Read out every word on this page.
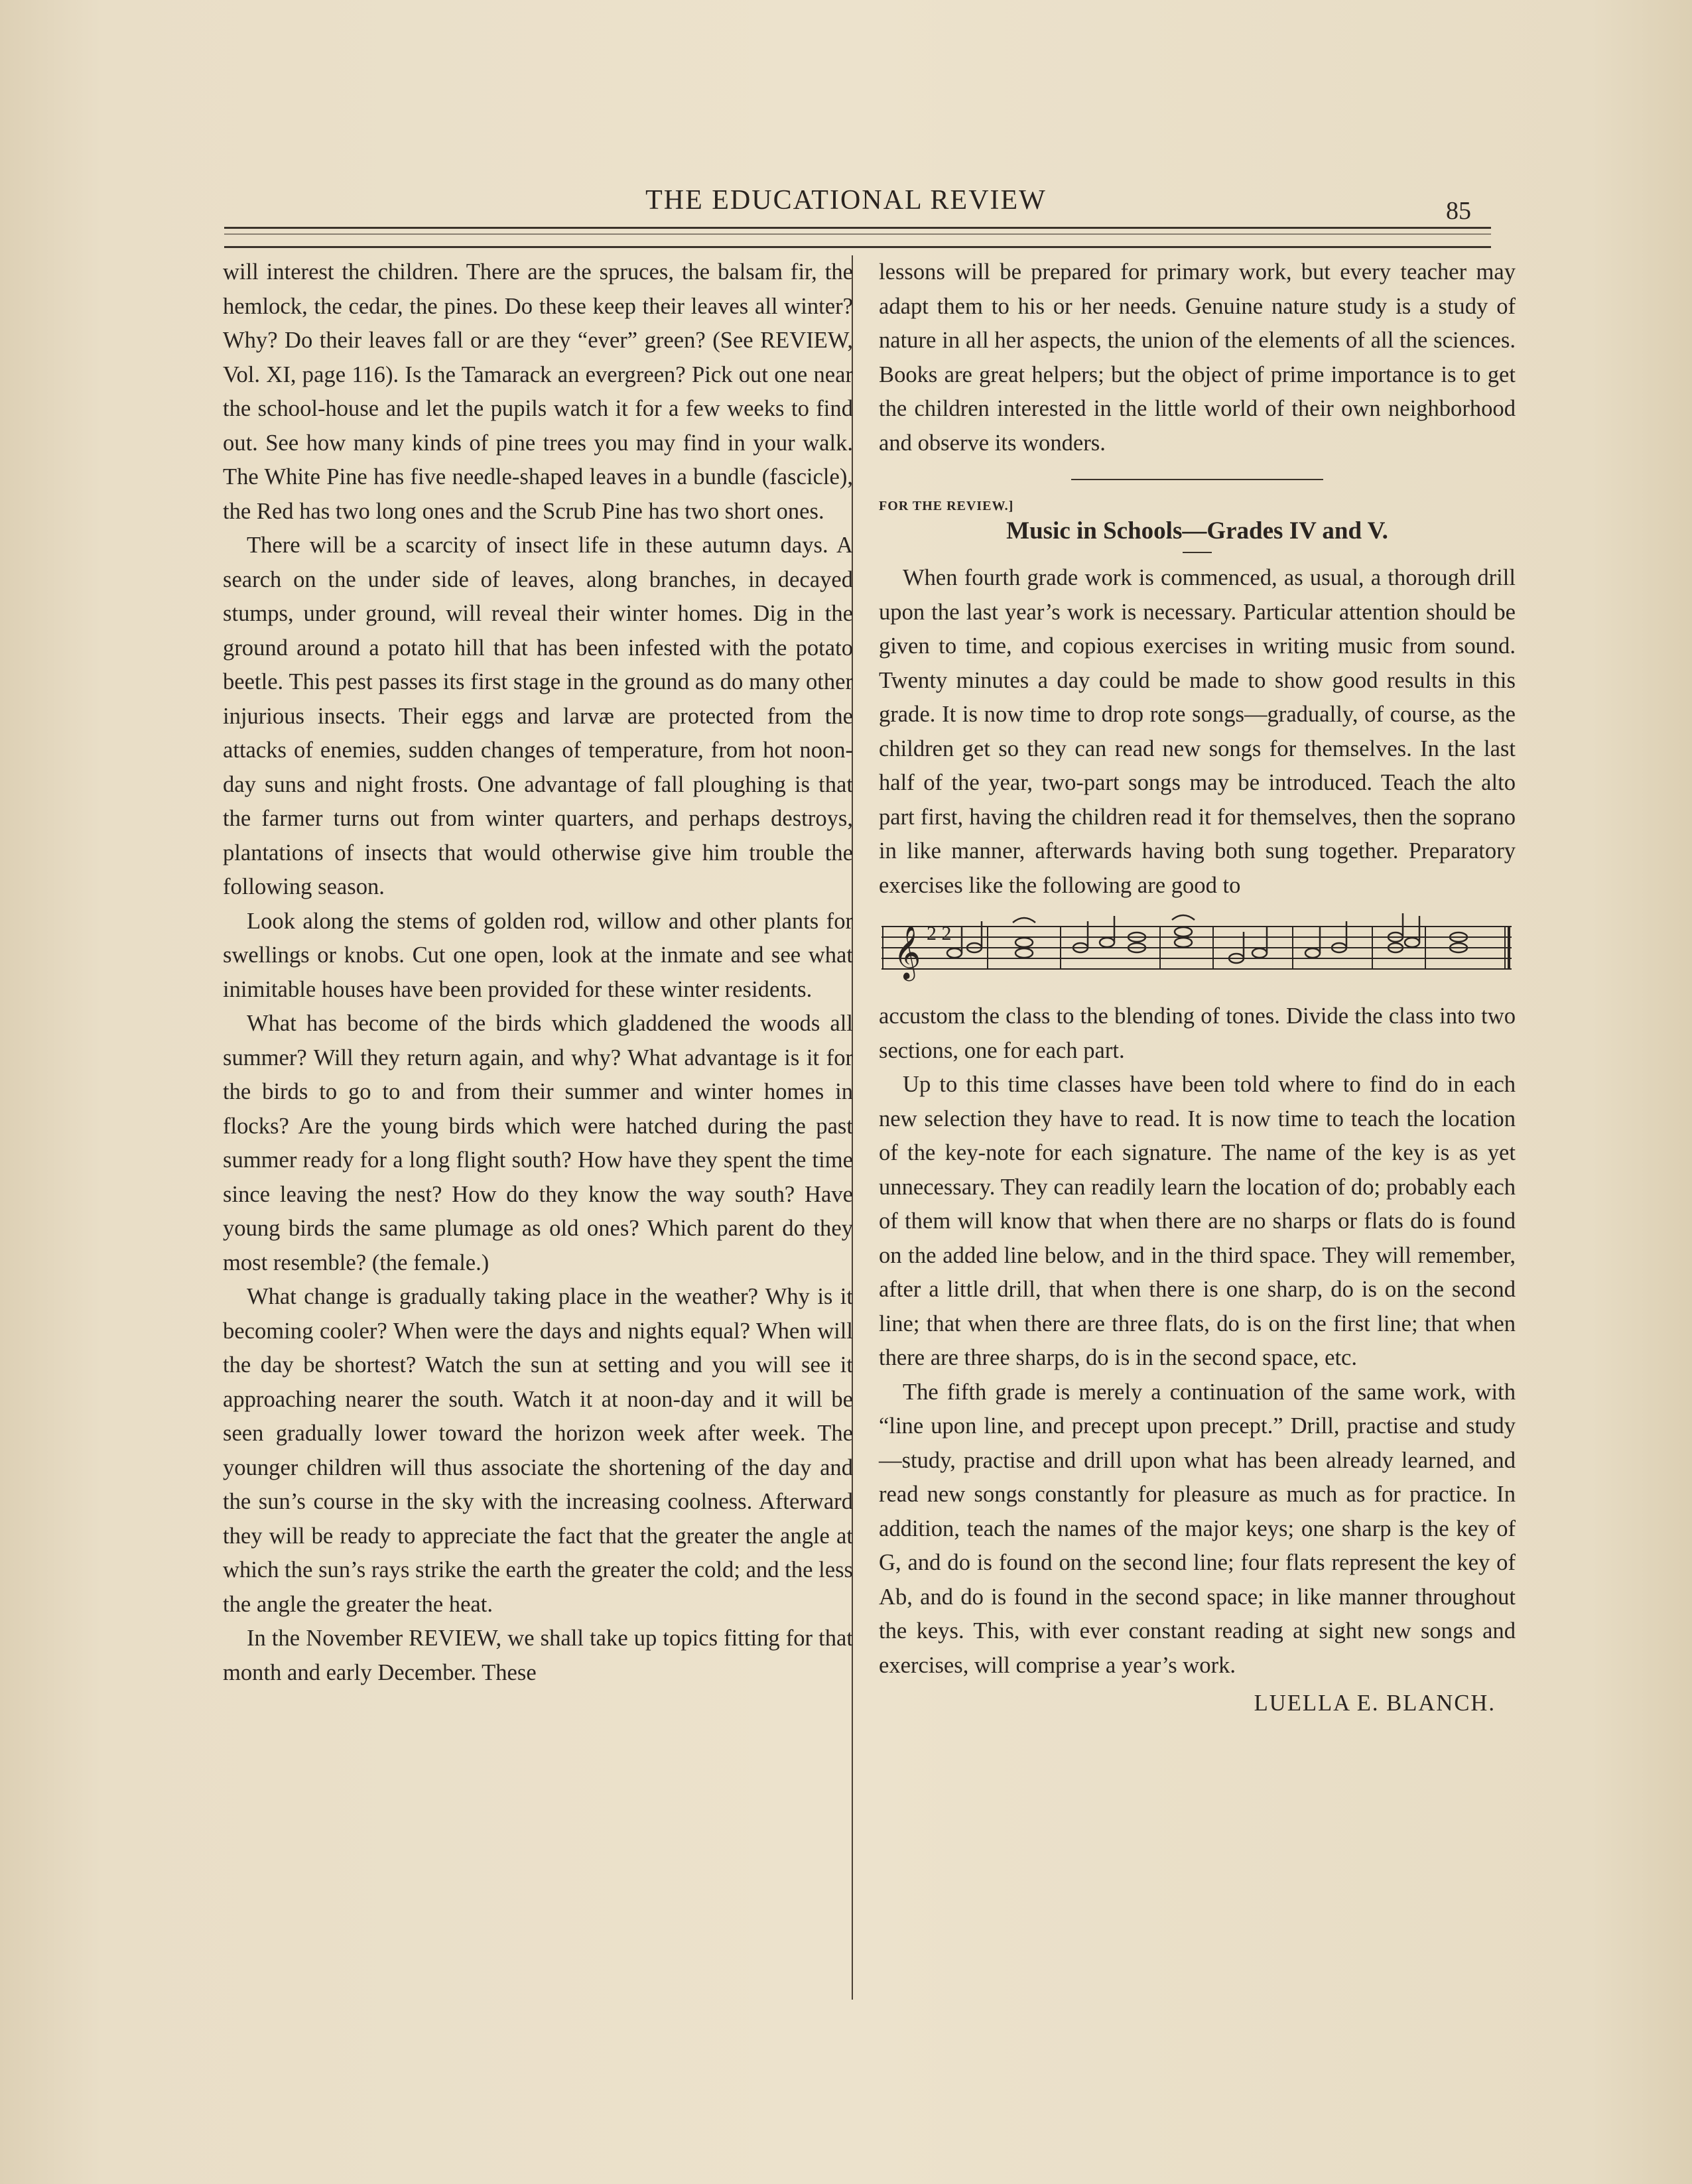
THE EDUCATIONAL REVIEW	85

will interest the children. There are the spruces, the balsam fir, the hemlock, the cedar, the pines. Do these keep their leaves all winter? Why? Do their leaves fall or are they “ever” green? (See REVIEW, Vol. XI, page 116). Is the Tamarack an evergreen? Pick out one near the school-house and let the pupils watch it for a few weeks to find out. See how many kinds of pine trees you may find in your walk. The White Pine has five needle-shaped leaves in a bundle (fascicle), the Red has two long ones and the Scrub Pine has two short ones.

There will be a scarcity of insect life in these autumn days. A search on the under side of leaves, along branches, in decayed stumps, under ground, will reveal their winter homes. Dig in the ground around a potato hill that has been infested with the potato beetle. This pest passes its first stage in the ground as do many other injurious insects. Their eggs and larvæ are protected from the attacks of enemies, sudden changes of temperature, from hot noon-day suns and night frosts. One advantage of fall ploughing is that the farmer turns out from winter quarters, and perhaps destroys, plantations of insects that would otherwise give him trouble the following season.

Look along the stems of golden rod, willow and other plants for swellings or knobs. Cut one open, look at the inmate and see what inimitable houses have been provided for these winter residents.

What has become of the birds which gladdened the woods all summer? Will they return again, and why? What advantage is it for the birds to go to and from their summer and winter homes in flocks? Are the young birds which were hatched during the past summer ready for a long flight south? How have they spent the time since leaving the nest? How do they know the way south? Have young birds the same plumage as old ones? Which parent do they most resemble? (the female.)

What change is gradually taking place in the weather? Why is it becoming cooler? When were the days and nights equal? When will the day be shortest? Watch the sun at setting and you will see it approaching nearer the south. Watch it at noon-day and it will be seen gradually lower toward the horizon week after week. The younger children will thus associate the shortening of the day and the sun’s course in the sky with the increasing coolness. Afterward they will be ready to appreciate the fact that the greater the angle at which the sun’s rays strike the earth the greater the cold; and the less the angle the greater the heat.

In the November REVIEW, we shall take up topics fitting for that month and early December. These

lessons will be prepared for primary work, but every teacher may adapt them to his or her needs. Genuine nature study is a study of nature in all her aspects, the union of the elements of all the sciences. Books are great helpers; but the object of prime importance is to get the children interested in the little world of their own neighborhood and observe its wonders.

FOR THE REVIEW.]
Music in Schools—Grades IV and V.

When fourth grade work is commenced, as usual, a thorough drill upon the last year’s work is necessary. Particular attention should be given to time, and copious exercises in writing music from sound. Twenty minutes a day could be made to show good results in this grade. It is now time to drop rote songs—gradually, of course, as the children get so they can read new songs for themselves. In the last half of the year, two-part songs may be introduced. Teach the alto part first, having the children read it for themselves, then the soprano in like manner, afterwards having both sung together. Preparatory exercises like the following are good to

𝄞 2 2

accustom the class to the blending of tones. Divide the class into two sections, one for each part.

Up to this time classes have been told where to find do in each new selection they have to read. It is now time to teach the location of the key-note for each signature. The name of the key is as yet unnecessary. They can readily learn the location of do; probably each of them will know that when there are no sharps or flats do is found on the added line below, and in the third space. They will remember, after a little drill, that when there is one sharp, do is on the second line; that when there are three flats, do is on the first line; that when there are three sharps, do is in the second space, etc.

The fifth grade is merely a continuation of the same work, with “line upon line, and precept upon precept.” Drill, practise and study—study, practise and drill upon what has been already learned, and read new songs constantly for pleasure as much as for practice. In addition, teach the names of the major keys; one sharp is the key of G, and do is found on the second line; four flats represent the key of Ab, and do is found in the second space; in like manner throughout the keys. This, with ever constant reading at sight new songs and exercises, will comprise a year’s work.

LUELLA E. BLANCH.
